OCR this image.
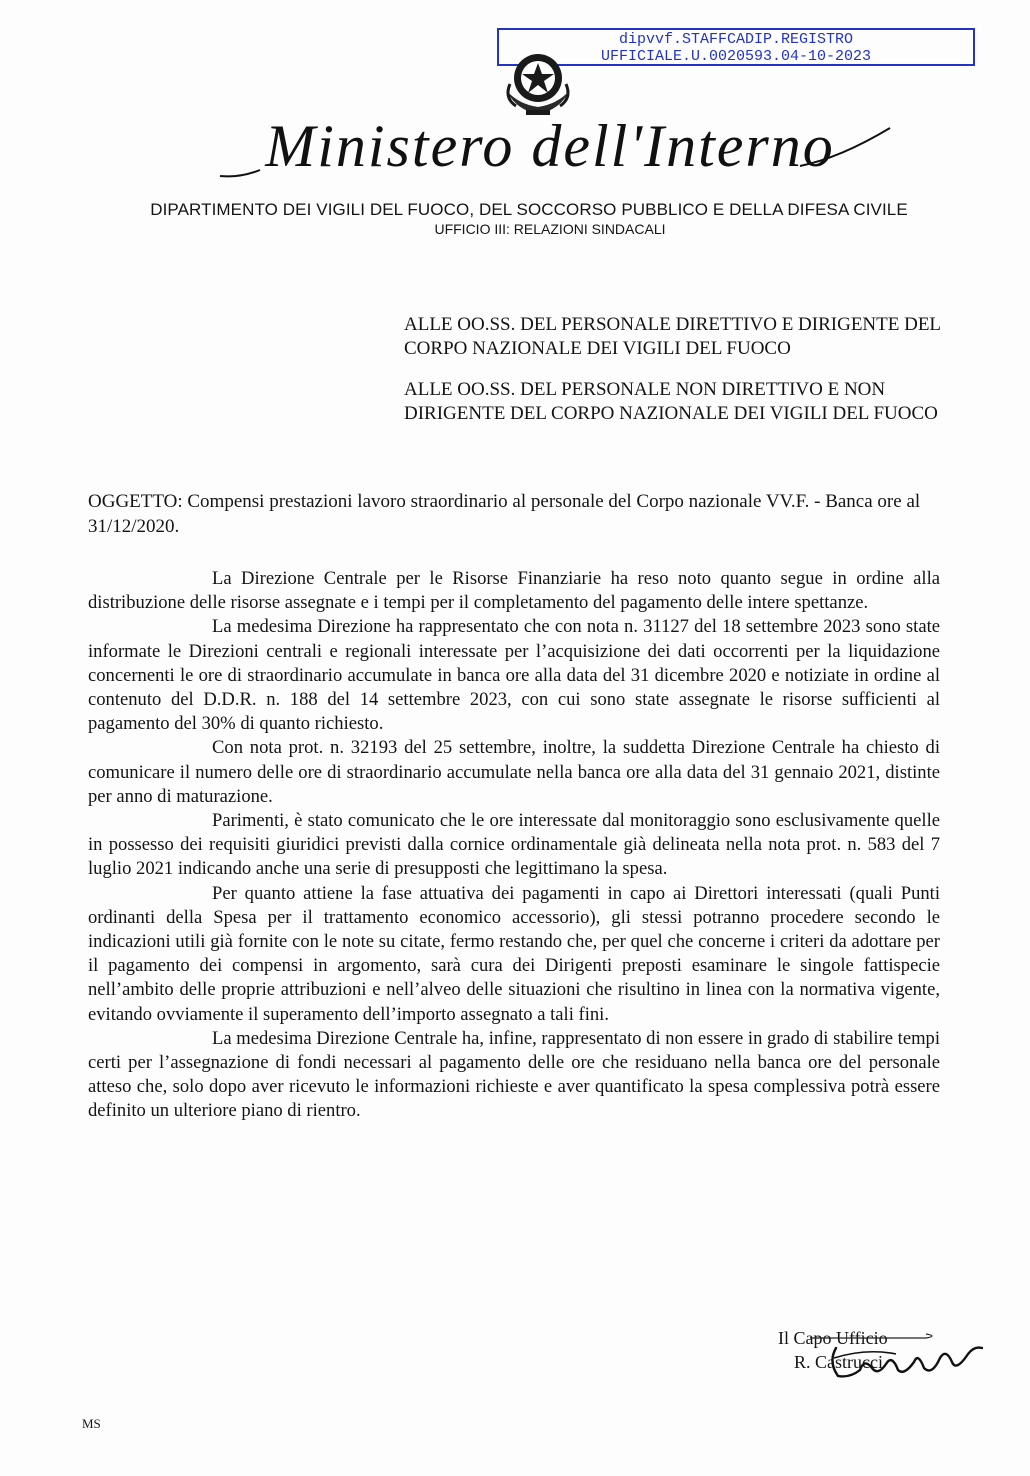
dipvvf.STAFFCADIP.REGISTRO
UFFICIALE.U.0020593.04-10-2023
Ministero dell'Interno
DIPARTIMENTO DEI VIGILI DEL FUOCO, DEL SOCCORSO PUBBLICO E DELLA DIFESA CIVILE
UFFICIO III: RELAZIONI SINDACALI

ALLE OO.SS. DEL PERSONALE DIRETTIVO E DIRIGENTE DEL CORPO NAZIONALE DEI VIGILI DEL FUOCO

ALLE OO.SS. DEL PERSONALE NON DIRETTIVO E NON DIRIGENTE DEL CORPO NAZIONALE DEI VIGILI DEL FUOCO

OGGETTO: Compensi prestazioni lavoro straordinario al personale del Corpo nazionale VV.F. - Banca ore al 31/12/2020.

La Direzione Centrale per le Risorse Finanziarie ha reso noto quanto segue in ordine alla distribuzione delle risorse assegnate e i tempi per il completamento del pagamento delle intere spettanze.

La medesima Direzione ha rappresentato che con nota n. 31127 del 18 settembre 2023 sono state informate le Direzioni centrali e regionali interessate per l’acquisizione dei dati occorrenti per la liquidazione concernenti le ore di straordinario accumulate in banca ore alla data del 31 dicembre 2020 e notiziate in ordine al contenuto del D.D.R. n. 188 del 14 settembre 2023, con cui sono state assegnate le risorse sufficienti al pagamento del 30% di quanto richiesto.

Con nota prot. n. 32193 del 25 settembre, inoltre, la suddetta Direzione Centrale ha chiesto di comunicare il numero delle ore di straordinario accumulate nella banca ore alla data del 31 gennaio 2021, distinte per anno di maturazione.

Parimenti, è stato comunicato che le ore interessate dal monitoraggio sono esclusivamente quelle in possesso dei requisiti giuridici previsti dalla cornice ordinamentale già delineata nella nota prot. n. 583 del 7 luglio 2021 indicando anche una serie di presupposti che legittimano la spesa.

Per quanto attiene la fase attuativa dei pagamenti in capo ai Direttori interessati (quali Punti ordinanti della Spesa per il trattamento economico accessorio), gli stessi potranno procedere secondo le indicazioni utili già fornite con le note su citate, fermo restando che, per quel che concerne i criteri da adottare per il pagamento dei compensi in argomento, sarà cura dei Dirigenti preposti esaminare le singole fattispecie nell’ambito delle proprie attribuzioni e nell’alveo delle situazioni che risultino in linea con la normativa vigente, evitando ovviamente il superamento dell’importo assegnato a tali fini.

La medesima Direzione Centrale ha, infine, rappresentato di non essere in grado di stabilire tempi certi per l’assegnazione di fondi necessari al pagamento delle ore che residuano nella banca ore del personale atteso che, solo dopo aver ricevuto le informazioni richieste e aver quantificato la spesa complessiva potrà essere definito un ulteriore piano di rientro.

Il Capo Ufficio
R. Castrucci
MS
